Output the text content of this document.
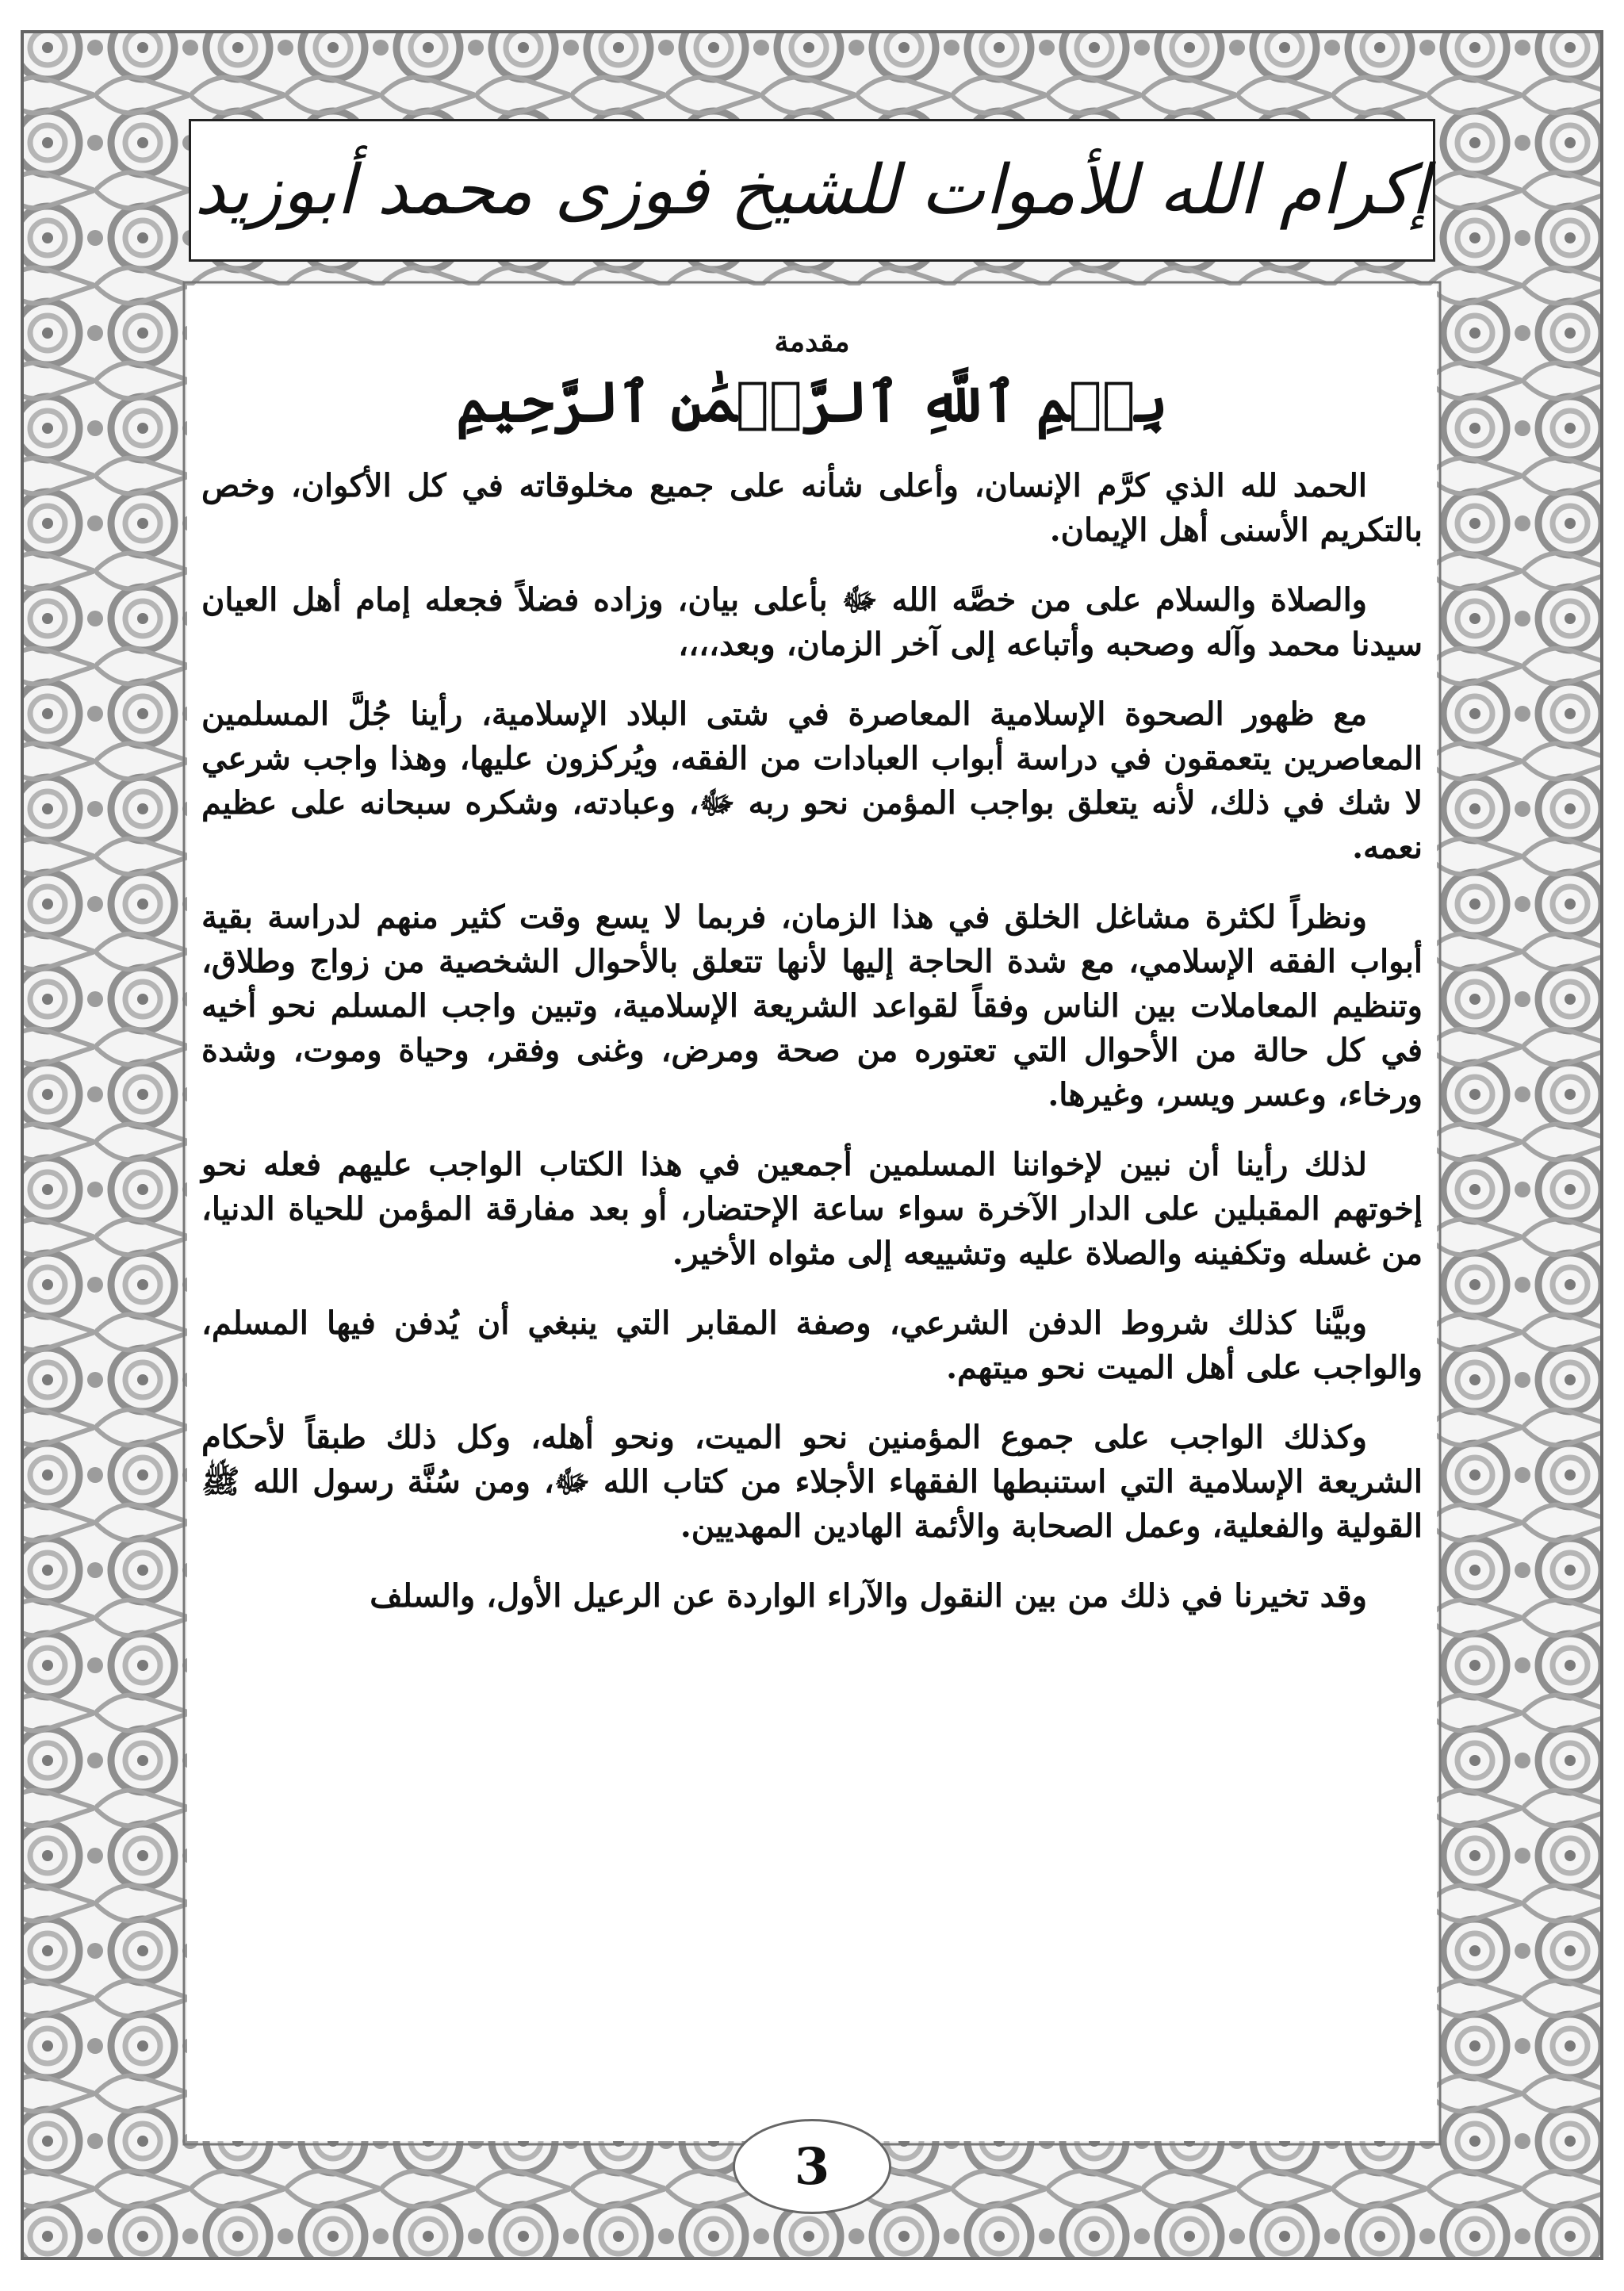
إكرام الله للأموات للشيخ فوزى محمد أبوزيد
مقدمة
بِسۡمِ ٱللَّهِ ٱلرَّحۡمَٰنِ ٱلرَّحِيمِ

الحمد لله الذي كرَّم الإنسان، وأعلى شأنه على جميع مخلوقاته في كل الأكوان، وخص بالتكريم الأسنى أهل الإيمان.

والصلاة والسلام على من خصَّه الله ﷻ بأعلى بيان، وزاده فضلاً فجعله إمام أهل العيان سيدنا محمد وآله وصحبه وأتباعه إلى آخر الزمان، وبعد،،،،

مع ظهور الصحوة الإسلامية المعاصرة في شتى البلاد الإسلامية، رأينا جُلَّ المسلمين المعاصرين يتعمقون في دراسة أبواب العبادات من الفقه، ويُركزون عليها، وهذا واجب شرعي لا شك في ذلك، لأنه يتعلق بواجب المؤمن نحو ربه ﷻ، وعبادته، وشكره سبحانه على عظيم نعمه.

ونظراً لكثرة مشاغل الخلق في هذا الزمان، فربما لا يسع وقت كثير منهم لدراسة بقية أبواب الفقه الإسلامي، مع شدة الحاجة إليها لأنها تتعلق بالأحوال الشخصية من زواج وطلاق، وتنظيم المعاملات بين الناس وفقاً لقواعد الشريعة الإسلامية، وتبين واجب المسلم نحو أخيه في كل حالة من الأحوال التي تعتوره من صحة ومرض، وغنى وفقر، وحياة وموت، وشدة ورخاء، وعسر ويسر، وغيرها.

لذلك رأينا أن نبين لإخواننا المسلمين أجمعين في هذا الكتاب الواجب عليهم فعله نحو إخوتهم المقبلين على الدار الآخرة سواء ساعة الإحتضار، أو بعد مفارقة المؤمن للحياة الدنيا، من غسله وتكفينه والصلاة عليه وتشييعه إلى مثواه الأخير.

وبيَّنا كذلك شروط الدفن الشرعي، وصفة المقابر التي ينبغي أن يُدفن فيها المسلم، والواجب على أهل الميت نحو ميتهم.

وكذلك الواجب على جموع المؤمنين نحو الميت، ونحو أهله، وكل ذلك طبقاً لأحكام الشريعة الإسلامية التي استنبطها الفقهاء الأجلاء من كتاب الله ﷻ، ومن سُنَّة رسول الله ﷺ القولية والفعلية، وعمل الصحابة والأئمة الهادين المهديين.

وقد تخيرنا في ذلك من بين النقول والآراء الواردة عن الرعيل الأول، والسلف

3
